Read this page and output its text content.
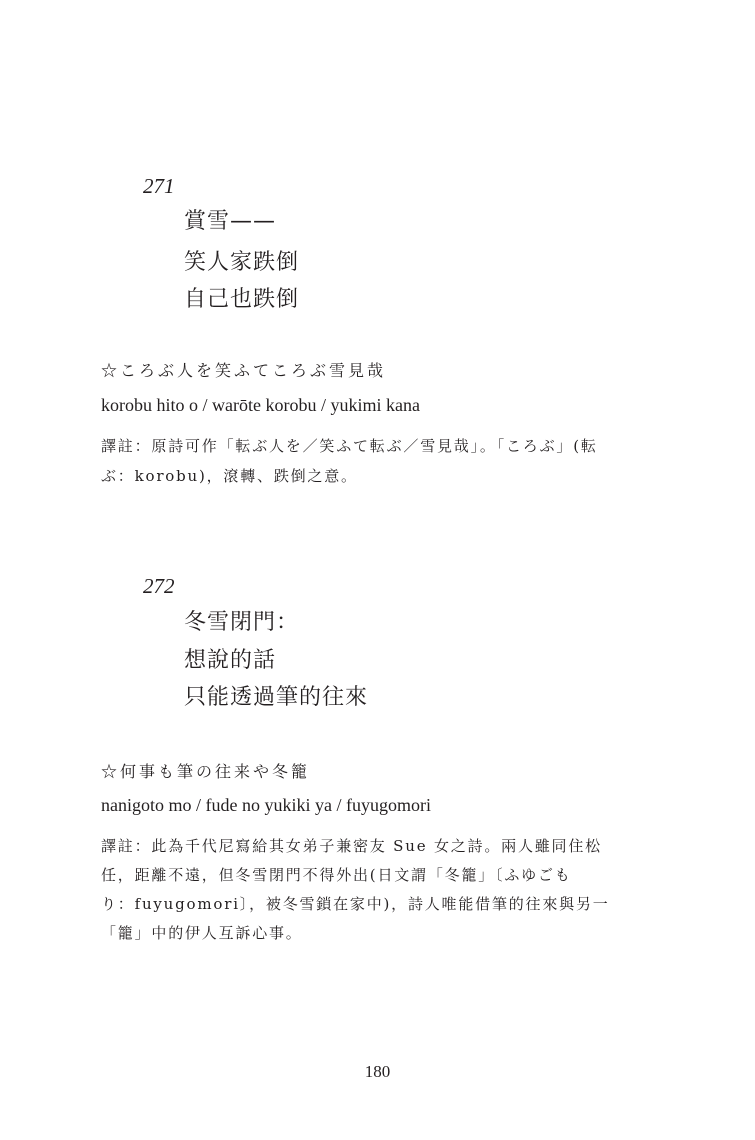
271
賞雪——
笑人家跌倒
自己也跌倒
☆ころぶ人を笑ふてころぶ雪見哉
korobu hito o / warōte korobu / yukimi kana
譯註：原詩可作「転ぶ人を／笑ふて転ぶ／雪見哉」。「ころぶ」(転
ぶ：korobu)，滾轉、跌倒之意。
272
冬雪閉門：
想說的話
只能透過筆的往來
☆何事も筆の往来や冬籠
nanigoto mo / fude no yukiki ya / fuyugomori
譯註：此為千代尼寫給其女弟子兼密友 Sue 女之詩。兩人雖同住松
任，距離不遠，但冬雪閉門不得外出(日文謂「冬籠」〔ふゆごも
り：fuyugomori〕，被冬雪鎖在家中)，詩人唯能借筆的往來與另一
「籠」中的伊人互訴心事。
180
